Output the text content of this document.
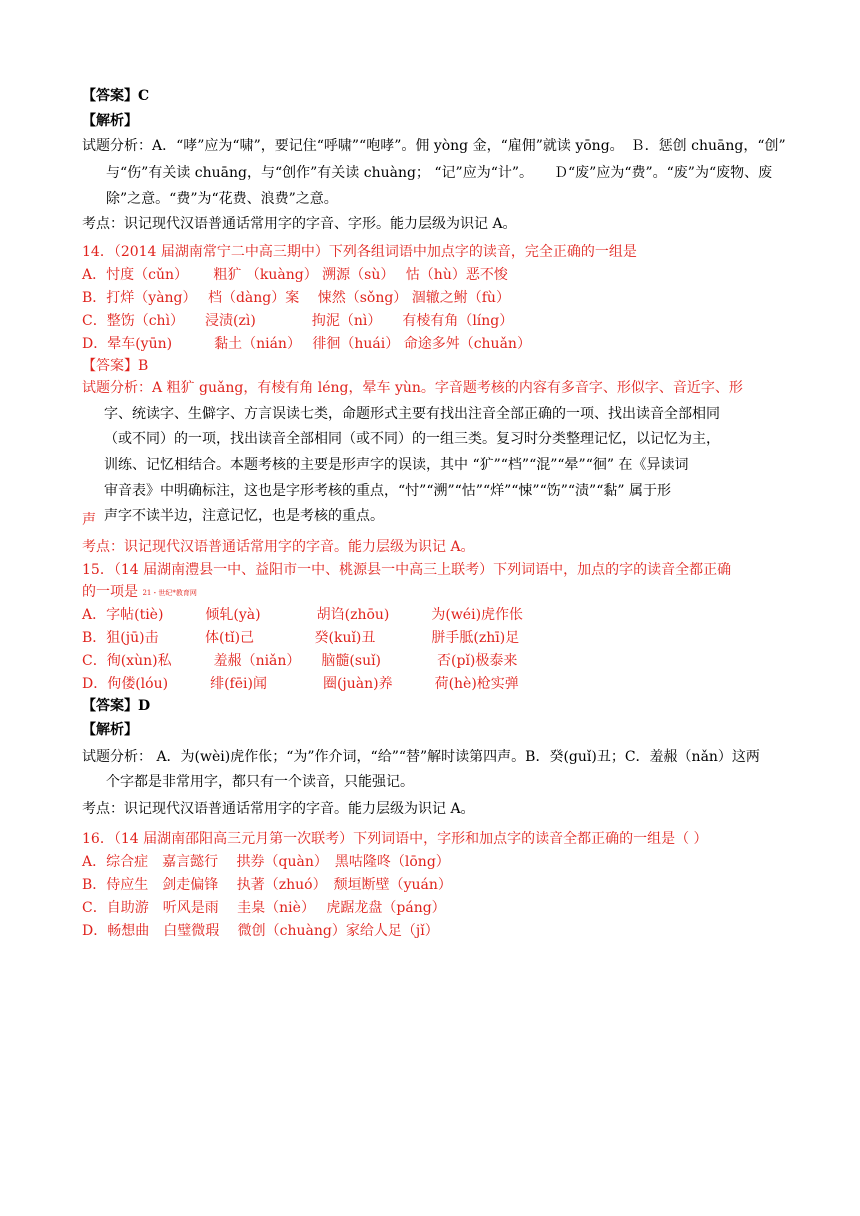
【答案】C
【解析】
试题分析：A．“哮”应为“啸”，要记住“呼啸”“咆哮”。佣 yòng 金，“雇佣”就读 yōng。　Ｂ．惩创 chuāng，“创”
与“伤”有关读 chuāng，与“创作”有关读 chuàng； “记”应为“计”。　　Ｄ“废”应为“费”。“废”为“废物、废
除”之意。“费”为“花费、浪费”之意。
考点：识记现代汉语普通话常用字的字音、字形。能力层级为识记 A。
14．（2014 届湖南常宁二中高三期中）下列各组词语中加点字的读音，完全正确的一组是
A．忖度（cǔn）　　 粗犷 （kuàng） 溯源（sù）　 怙（hù）恶不悛
B．打烊（yàng）　 档（dàng）案　 悚然（sǒng） 涸辙之鲋（fù）
C．整饬（chì）　　浸渍(zì)　　　　拘泥（nì）　　有棱有角（líng）
D．晕车(yūn)　　　黏土（nián）　 徘徊（huái） 命途多舛（chuǎn）
【答案】B
试题分析：A 粗犷 guǎng，有棱有角 léng，晕车 yùn。字音题考核的内容有多音字、形似字、音近字、形
字、统读字、生僻字、方言误读七类，命题形式主要有找出注音全部正确的一项、找出读音全部相同
（或不同）的一项，找出读音全部相同（或不同）的一组三类。复习时分类整理记忆，以记忆为主，
训练、记忆相结合。本题考核的主要是形声字的误读，其中 “犷”“档”“混”“晕”“徊” 在《异读词
审音表》中明确标注，这也是字形考核的重点，“忖”“溯”“怙”“烊”“悚”“饬”“渍”“黏” 属于形
声 声字不读半边，注意记忆，也是考核的重点。
考点：识记现代汉语普通话常用字的字音。能力层级为识记 A。
15．（14 届湖南澧县一中、益阳市一中、桃源县一中高三上联考）下列词语中，加点的字的读音全都正确
的一项是 21・世纪*教育网
A．字帖(tiè)　　　倾轧(yà)　　　　胡诌(zhōu)　　　为(wéi)虎作伥
B．狙(jū)击　　　 体(tǐ)己　　　　 癸(kuǐ)丑　　　　胼手胝(zhī)足
C．徇(xùn)私　　　羞赧（niǎn）　　脑髓(suǐ)　　　　否(pǐ)极泰来
D．佝偻(lóu)　　　绯(fēi)闻　　　　圈(juàn)养　　　荷(hè)枪实弹
【答案】D
【解析】
试题分析： A．为(wèi)虎作伥；“为”作介词，“给”“替”解时读第四声。B．癸(guǐ)丑；C．羞赧（nǎn）这两
个字都是非常用字，都只有一个读音，只能强记。
考点：识记现代汉语普通话常用字的字音。能力层级为识记 A。
16．（14 届湖南邵阳高三元月第一次联考）下列词语中，字形和加点字的读音全都正确的一组是（ ）
A．综合症　嘉言懿行　 拱券（quàn）　黑咕隆咚（lōng）
B．侍应生　剑走偏锋　 执著（zhuó）　颓垣断壁（yuán）
C．自助游　听风是雨　 圭臬（niè）　 虎踞龙盘（páng）
D．畅想曲　白璧微瑕　 微创（chuàng）家给人足（jǐ）
